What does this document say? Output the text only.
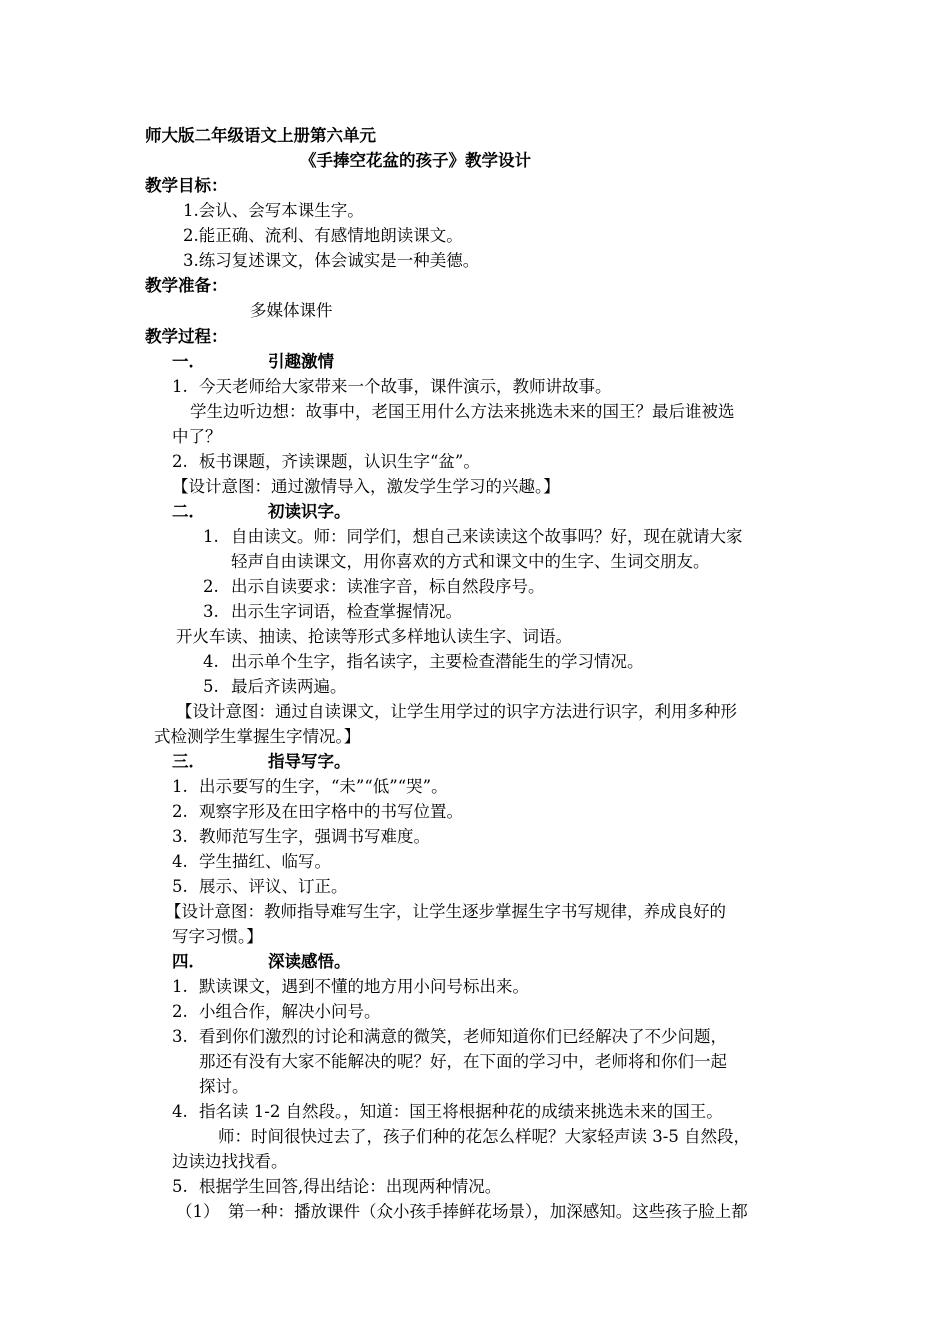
师大版二年级语文上册第六单元
《手捧空花盆的孩子》教学设计
教学目标：
1.会认、会写本课生字。
2.能正确、流利、有感情地朗读课文。
3.练习复述课文，体会诚实是一种美德。
教学准备：
多媒体课件
教学过程：
一．	引趣激情
1. 今天老师给大家带来一个故事，课件演示，教师讲故事。
学生边听边想：故事中，老国王用什么方法来挑选未来的国王？最后谁被选
中了？
2. 板书课题，齐读课题，认识生字“盆”。
【设计意图：通过激情导入，激发学生学习的兴趣。】
二．	初读识字。
1. 自由读文。师：同学们，想自己来读读这个故事吗？好，现在就请大家
轻声自由读课文，用你喜欢的方式和课文中的生字、生词交朋友。
2. 出示自读要求：读准字音，标自然段序号。
3. 出示生字词语，检查掌握情况。
开火车读、抽读、抢读等形式多样地认读生字、词语。
4. 出示单个生字，指名读字，主要检查潜能生的学习情况。
5. 最后齐读两遍。
【设计意图：通过自读课文，让学生用学过的识字方法进行识字，利用多种形
式检测学生掌握生字情况。】
三．	指导写字。
1. 出示要写的生字，“未”“低”“哭”。
2. 观察字形及在田字格中的书写位置。
3. 教师范写生字，强调书写难度。
4. 学生描红、临写。
5. 展示、评议、订正。
【设计意图：教师指导难写生字，让学生逐步掌握生字书写规律，养成良好的
写字习惯。】
四．	深读感悟。
1. 默读课文，遇到不懂的地方用小问号标出来。
2. 小组合作，解决小问号。
3. 看到你们激烈的讨论和满意的微笑，老师知道你们已经解决了不少问题，
那还有没有大家不能解决的呢？好，在下面的学习中，老师将和你们一起
探讨。
4. 指名读 1-2 自然段。，知道：国王将根据种花的成绩来挑选未来的国王。
师：时间很快过去了，孩子们种的花怎么样呢？大家轻声读 3-5 自然段，
边读边找找看。
5. 根据学生回答,得出结论：出现两种情况。
（1） 第一种：播放课件（众小孩手捧鲜花场景），加深感知。这些孩子脸上都
